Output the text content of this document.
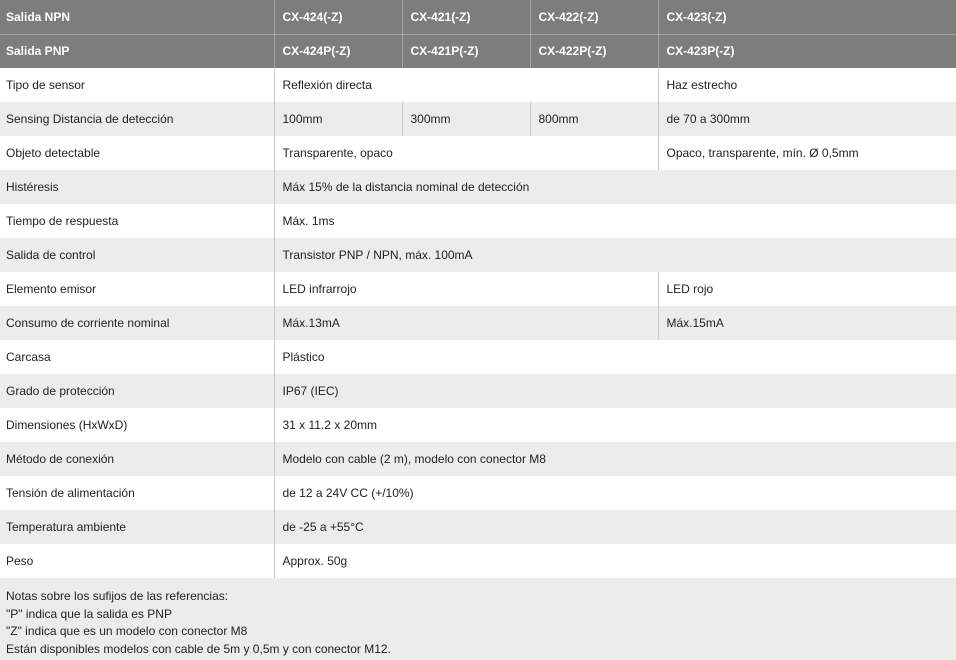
Salida NPN	CX-424(-Z)	CX-421(-Z)	CX-422(-Z)	CX-423(-Z)
Salida PNP	CX-424P(-Z)	CX-421P(-Z)	CX-422P(-Z)	CX-423P(-Z)
Tipo de sensor	Reflexión directa			Haz estrecho
Sensing Distancia de detección	100mm	300mm	800mm	de 70 a 300mm
Objeto detectable	Transparente, opaco			Opaco, transparente, mín. Ø 0,5mm
Histéresis	Máx 15% de la distancia nominal de detección			
Tiempo de respuesta	Máx. 1ms			
Salida de control	Transistor PNP / NPN, máx. 100mA			
Elemento emisor	LED infrarrojo			LED rojo
Consumo de corriente nominal	Máx.13mA			Máx.15mA
Carcasa	Plástico			
Grado de protección	IP67 (IEC)			
Dimensiones (HxWxD)	31 x 11.2 x 20mm			
Método de conexión	Modelo con cable (2 m), modelo con conector M8			
Tensión de alimentación	de 12 a 24V CC (+/10%)			
Temperatura ambiente	de -25 a +55°C			
Peso	Approx. 50g			
Notas sobre los sufijos de las referencias:
"P" indica que la salida es PNP
"Z" indica que es un modelo con conector M8
Están disponibles modelos con cable de 5m y 0,5m y con conector M12.
